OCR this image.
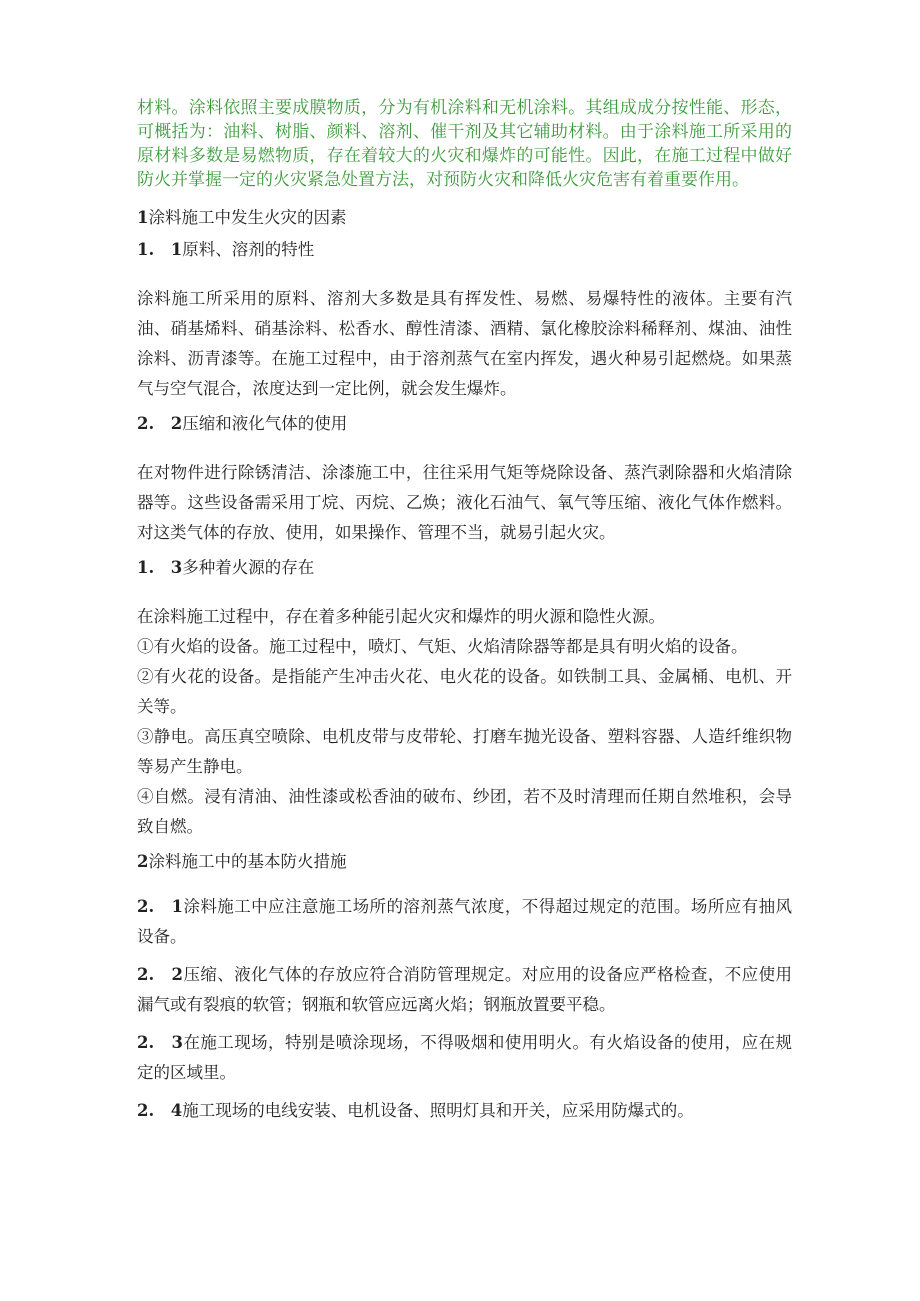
材料。涂料依照主要成膜物质，分为有机涂料和无机涂料。其组成成分按性能、形态，可概括为：油料、树脂、颜料、溶剂、催干剂及其它辅助材料。由于涂料施工所采用的原材料多数是易燃物质，存在着较大的火灾和爆炸的可能性。因此，在施工过程中做好防火并掌握一定的火灾紧急处置方法，对预防火灾和降低火灾危害有着重要作用。

1涂料施工中发生火灾的因素

1.　1原料、溶剂的特性

涂料施工所采用的原料、溶剂大多数是具有挥发性、易燃、易爆特性的液体。主要有汽油、硝基烯料、硝基涂料、松香水、醇性清漆、酒精、氯化橡胶涂料稀释剂、煤油、油性涂料、沥青漆等。在施工过程中，由于溶剂蒸气在室内挥发，遇火种易引起燃烧。如果蒸气与空气混合，浓度达到一定比例，就会发生爆炸。

2.　2压缩和液化气体的使用

在对物件进行除锈清洁、涂漆施工中，往往采用气矩等烧除设备、蒸汽剥除器和火焰清除器等。这些设备需采用丁烷、丙烷、乙焕；液化石油气、氧气等压缩、液化气体作燃料。对这类气体的存放、使用，如果操作、管理不当，就易引起火灾。

1.　3多种着火源的存在

在涂料施工过程中，存在着多种能引起火灾和爆炸的明火源和隐性火源。

①有火焰的设备。施工过程中，喷灯、气矩、火焰清除器等都是具有明火焰的设备。

②有火花的设备。是指能产生冲击火花、电火花的设备。如铁制工具、金属桶、电机、开关等。

③静电。高压真空喷除、电机皮带与皮带轮、打磨车抛光设备、塑料容器、人造纤维织物等易产生静电。

④自燃。浸有清油、油性漆或松香油的破布、纱团，若不及时清理而任期自然堆积，会导致自燃。

2涂料施工中的基本防火措施

2.　1涂料施工中应注意施工场所的溶剂蒸气浓度，不得超过规定的范围。场所应有抽风设备。

2.　2压缩、液化气体的存放应符合消防管理规定。对应用的设备应严格检查，不应使用漏气或有裂痕的软管；钢瓶和软管应远离火焰；钢瓶放置要平稳。

2.　3在施工现场，特别是喷涂现场，不得吸烟和使用明火。有火焰设备的使用，应在规定的区域里。

2.　4施工现场的电线安装、电机设备、照明灯具和开关，应采用防爆式的。
